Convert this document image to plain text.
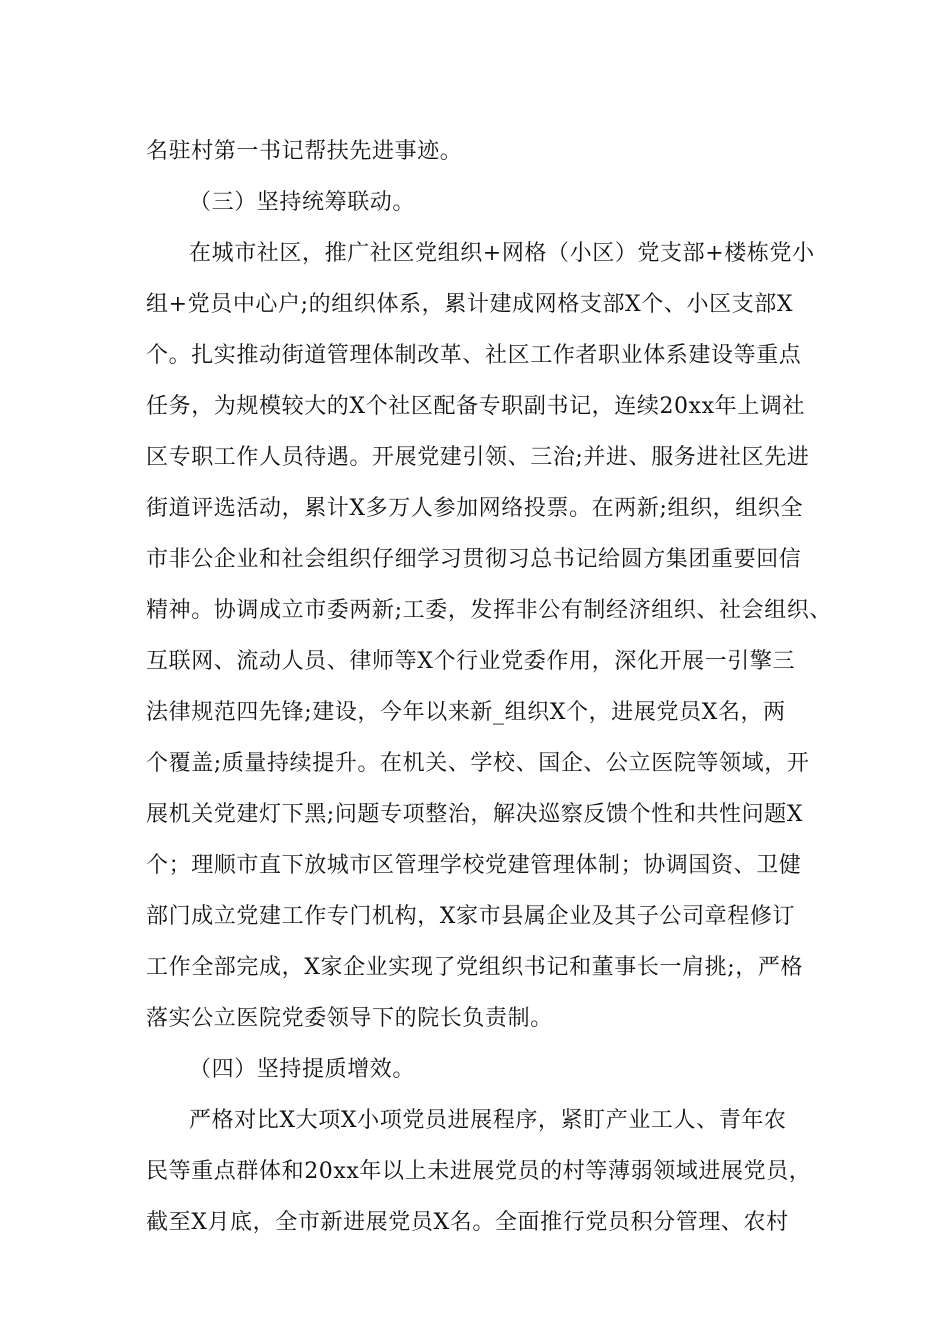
名驻村第一书记帮扶先进事迹。
（三）坚持统筹联动。
在城市社区，推广社区党组织+网格（小区）党支部+楼栋党小
组+党员中心户;的组织体系，累计建成网格支部X个、小区支部X
个。扎实推动街道管理体制改革、社区工作者职业体系建设等重点
任务，为规模较大的X个社区配备专职副书记，连续20xx年上调社
区专职工作人员待遇。开展党建引领、三治;并进、服务进社区先进
街道评选活动，累计X多万人参加网络投票。在两新;组织，组织全
市非公企业和社会组织仔细学习贯彻习总书记给圆方集团重要回信
精神。协调成立市委两新;工委，发挥非公有制经济组织、社会组织、
互联网、流动人员、律师等X个行业党委作用，深化开展一引擎三
法律规范四先锋;建设，今年以来新_组织X个，进展党员X名，两
个覆盖;质量持续提升。在机关、学校、国企、公立医院等领域，开
展机关党建灯下黑;问题专项整治，解决巡察反馈个性和共性问题X
个；理顺市直下放城市区管理学校党建管理体制；协调国资、卫健
部门成立党建工作专门机构，X家市县属企业及其子公司章程修订
工作全部完成，X家企业实现了党组织书记和董事长一肩挑;，严格
落实公立医院党委领导下的院长负责制。
（四）坚持提质增效。
严格对比X大项X小项党员进展程序，紧盯产业工人、青年农
民等重点群体和20xx年以上未进展党员的村等薄弱领域进展党员，
截至X月底，全市新进展党员X名。全面推行党员积分管理、农村
